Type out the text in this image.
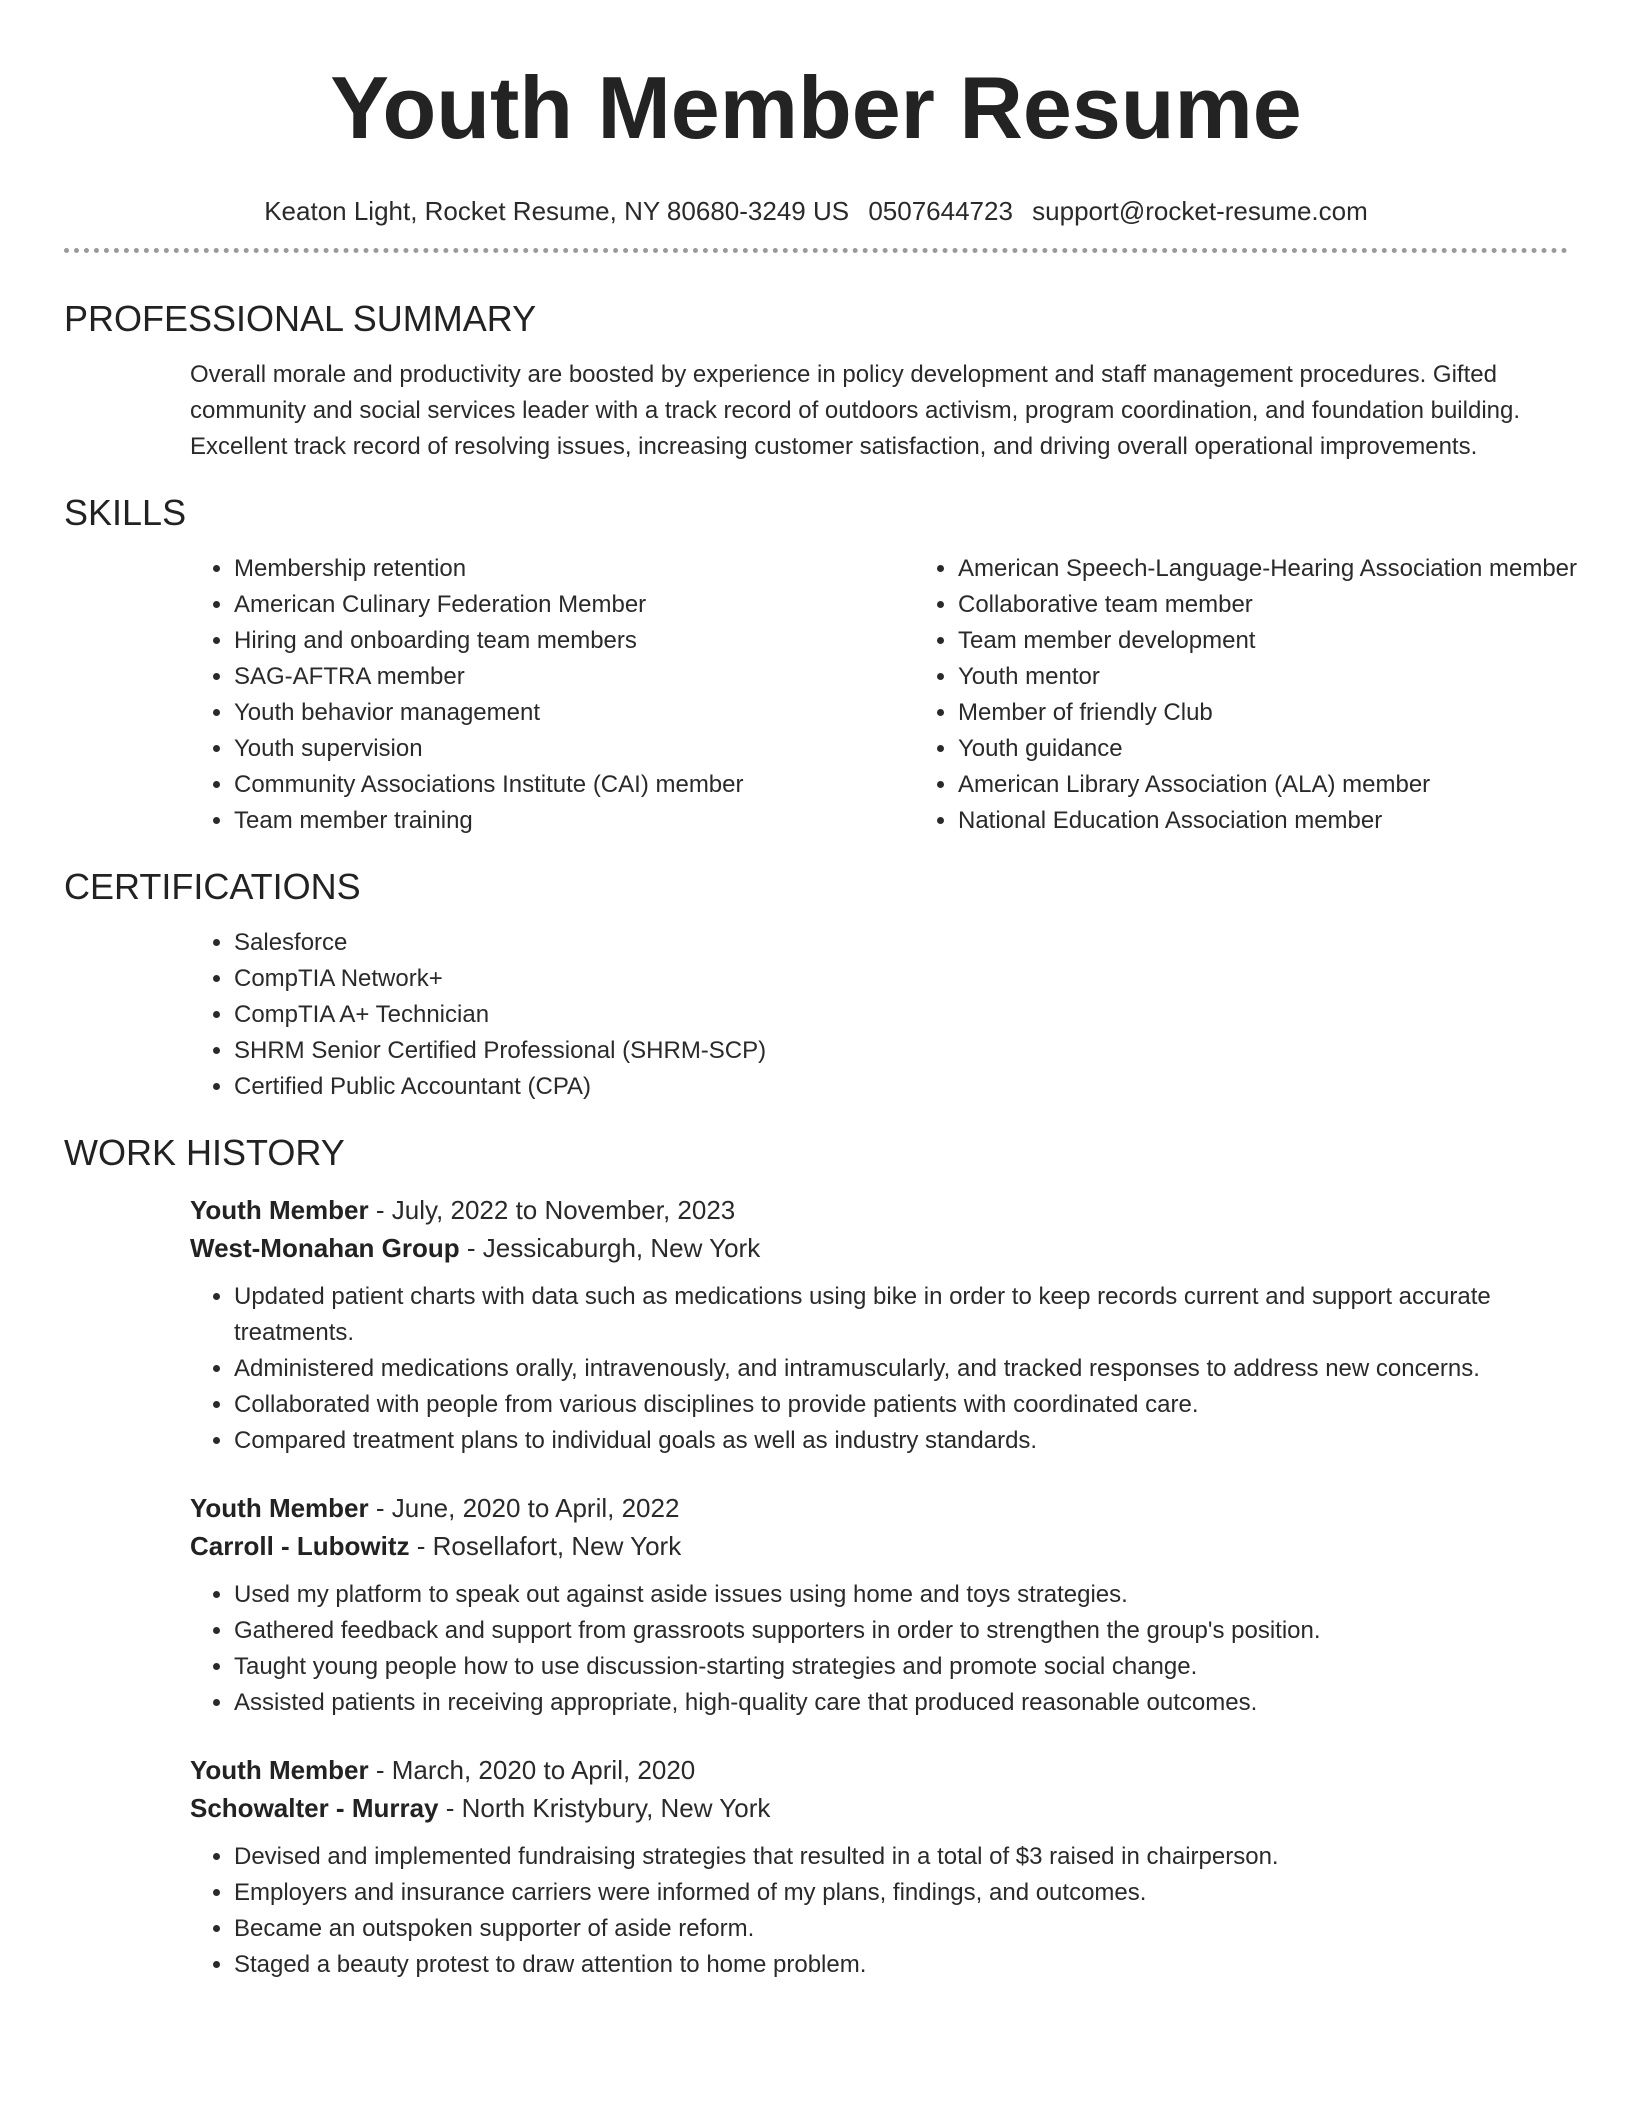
Youth Member Resume
Keaton Light, Rocket Resume, NY 80680-3249 US 0507644723 support@rocket-resume.com
PROFESSIONAL SUMMARY

Overall morale and productivity are boosted by experience in policy development and staff management procedures. Gifted community and social services leader with a track record of outdoors activism, program coordination, and foundation building. Excellent track record of resolving issues, increasing customer satisfaction, and driving overall operational improvements.

SKILLS
• Membership retention
• American Culinary Federation Member
• Hiring and onboarding team members
• SAG-AFTRA member
• Youth behavior management
• Youth supervision
• Community Associations Institute (CAI) member
• Team member training
• American Speech-Language-Hearing Association member
• Collaborative team member
• Team member development
• Youth mentor
• Member of friendly Club
• Youth guidance
• American Library Association (ALA) member
• National Education Association member
CERTIFICATIONS
• Salesforce
• CompTIA Network+
• CompTIA A+ Technician
• SHRM Senior Certified Professional (SHRM-SCP)
• Certified Public Accountant (CPA)
WORK HISTORY
Youth Member - July, 2022 to November, 2023
West-Monahan Group - Jessicaburgh, New York
• Updated patient charts with data such as medications using bike in order to keep records current and support accurate treatments.
• Administered medications orally, intravenously, and intramuscularly, and tracked responses to address new concerns.
• Collaborated with people from various disciplines to provide patients with coordinated care.
• Compared treatment plans to individual goals as well as industry standards.
Youth Member - June, 2020 to April, 2022
Carroll - Lubowitz - Rosellafort, New York
• Used my platform to speak out against aside issues using home and toys strategies.
• Gathered feedback and support from grassroots supporters in order to strengthen the group's position.
• Taught young people how to use discussion-starting strategies and promote social change.
• Assisted patients in receiving appropriate, high-quality care that produced reasonable outcomes.
Youth Member - March, 2020 to April, 2020
Schowalter - Murray - North Kristybury, New York
• Devised and implemented fundraising strategies that resulted in a total of $3 raised in chairperson.
• Employers and insurance carriers were informed of my plans, findings, and outcomes.
• Became an outspoken supporter of aside reform.
• Staged a beauty protest to draw attention to home problem.
